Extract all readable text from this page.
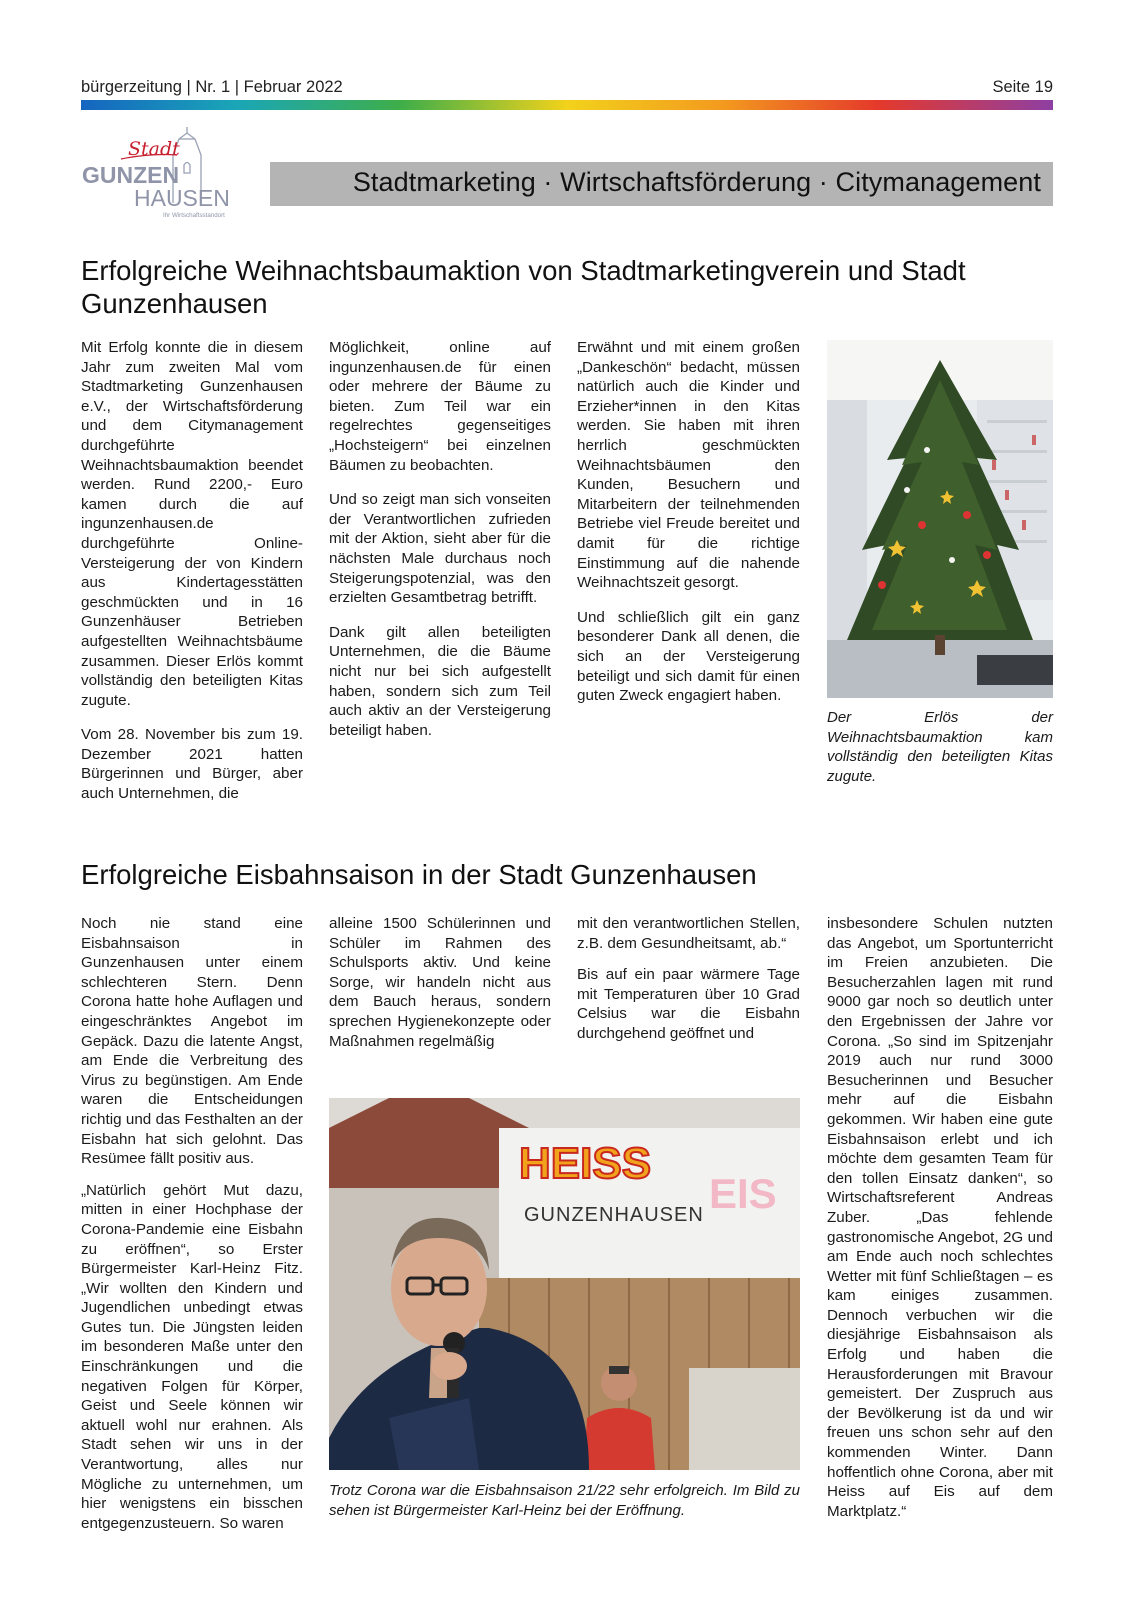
bürgerzeitung | Nr. 1 | Februar 2022	Seite 19
Stadt
GUNZEN
HAUSEN
Ihr Wirtschaftsstandort
Stadtmarketing · Wirtschaftsförderung · Citymanagement
Erfolgreiche Weihnachtsbaumaktion von Stadtmarketingverein und Stadt Gunzenhausen

Mit Erfolg konnte die in diesem Jahr zum zweiten Mal vom Stadtmarketing Gunzenhausen e.V., der Wirtschaftsförderung und dem Citymanagement durchgeführte Weihnachtsbaumaktion beendet werden. Rund 2200,- Euro kamen durch die auf ingunzenhausen.de durchgeführte Online-Versteigerung der von Kindern aus Kindertagesstätten geschmückten und in 16 Gunzenhäuser Betrieben aufgestellten Weihnachtsbäume zusammen. Dieser Erlös kommt vollständig den beteiligten Kitas zugute.

Vom 28. November bis zum 19. Dezember 2021 hatten Bürgerinnen und Bürger, aber auch Unternehmen, die

Möglichkeit, online auf ingunzenhausen.de für einen oder mehrere der Bäume zu bieten. Zum Teil war ein regelrechtes gegenseitiges „Hochsteigern“ bei einzelnen Bäumen zu beobachten.

Und so zeigt man sich vonseiten der Verantwortlichen zufrieden mit der Aktion, sieht aber für die nächsten Male durchaus noch Steigerungspotenzial, was den erzielten Gesamtbetrag betrifft.

Dank gilt allen beteiligten Unternehmen, die die Bäume nicht nur bei sich aufgestellt haben, sondern sich zum Teil auch aktiv an der Versteigerung beteiligt haben.

Erwähnt und mit einem großen „Dankeschön“ bedacht, müssen natürlich auch die Kinder und Erzieher*innen in den Kitas werden. Sie haben mit ihren herrlich geschmückten Weihnachtsbäumen den Kunden, Besuchern und Mitarbeitern der teilnehmenden Betriebe viel Freude bereitet und damit für die richtige Einstimmung auf die nahende Weihnachtszeit gesorgt.

Und schließlich gilt ein ganz besonderer Dank all denen, die sich an der Versteigerung beteiligt und sich damit für einen guten Zweck engagiert haben.

Der Erlös der Weihnachtsbaumaktion kam vollständig den beteiligten Kitas zugute.
Erfolgreiche Eisbahnsaison in der Stadt Gunzenhausen

Noch nie stand eine Eisbahnsaison in Gunzenhausen unter einem schlechteren Stern. Denn Corona hatte hohe Auflagen und eingeschränktes Angebot im Gepäck. Dazu die latente Angst, am Ende die Verbreitung des Virus zu begünstigen. Am Ende waren die Entscheidungen richtig und das Festhalten an der Eisbahn hat sich gelohnt. Das Resümee fällt positiv aus.

„Natürlich gehört Mut dazu, mitten in einer Hochphase der Corona-Pandemie eine Eisbahn zu eröffnen“, so Erster Bürgermeister Karl-Heinz Fitz. „Wir wollten den Kindern und Jugendlichen unbedingt etwas Gutes tun. Die Jüngsten leiden im besonderen Maße unter den Einschränkungen und die negativen Folgen für Körper, Geist und Seele können wir aktuell wohl nur erahnen. Als Stadt sehen wir uns in der Verantwortung, alles nur Mögliche zu unternehmen, um hier wenigstens ein bisschen entgegenzusteuern. So waren

alleine 1500 Schülerinnen und Schüler im Rahmen des Schulsports aktiv. Und keine Sorge, wir handeln nicht aus dem Bauch heraus, sondern sprechen Hygienekonzepte oder Maßnahmen regelmäßig

mit den verantwortlichen Stellen, z.B. dem Gesundheitsamt, ab.“

Bis auf ein paar wärmere Tage mit Temperaturen über 10 Grad Celsius war die Eisbahn durchgehend geöffnet und

insbesondere Schulen nutzten das Angebot, um Sportunterricht im Freien anzubieten. Die Besucherzahlen lagen mit rund 9000 gar noch so deutlich unter den Ergebnissen der Jahre vor Corona. „So sind im Spitzenjahr 2019 auch nur rund 3000 Besucherinnen und Besucher mehr auf die Eisbahn gekommen. Wir haben eine gute Eisbahnsaison erlebt und ich möchte dem gesamten Team für den tollen Einsatz danken“, so Wirtschaftsreferent Andreas Zuber. „Das fehlende gastronomische Angebot, 2G und am Ende auch noch schlechtes Wetter mit fünf Schließtagen – es kam einiges zusammen. Dennoch verbuchen wir die diesjährige Eisbahnsaison als Erfolg und haben die Herausforderungen mit Bravour gemeistert. Der Zuspruch aus der Bevölkerung ist da und wir freuen uns schon sehr auf den kommenden Winter. Dann hoffentlich ohne Corona, aber mit Heiss auf Eis auf dem Marktplatz.“

HEISS
EIS
GUNZENHAUSEN
Trotz Corona war die Eisbahnsaison 21/22 sehr erfolgreich. Im Bild zu sehen ist Bürgermeister Karl-Heinz bei der Eröffnung.
